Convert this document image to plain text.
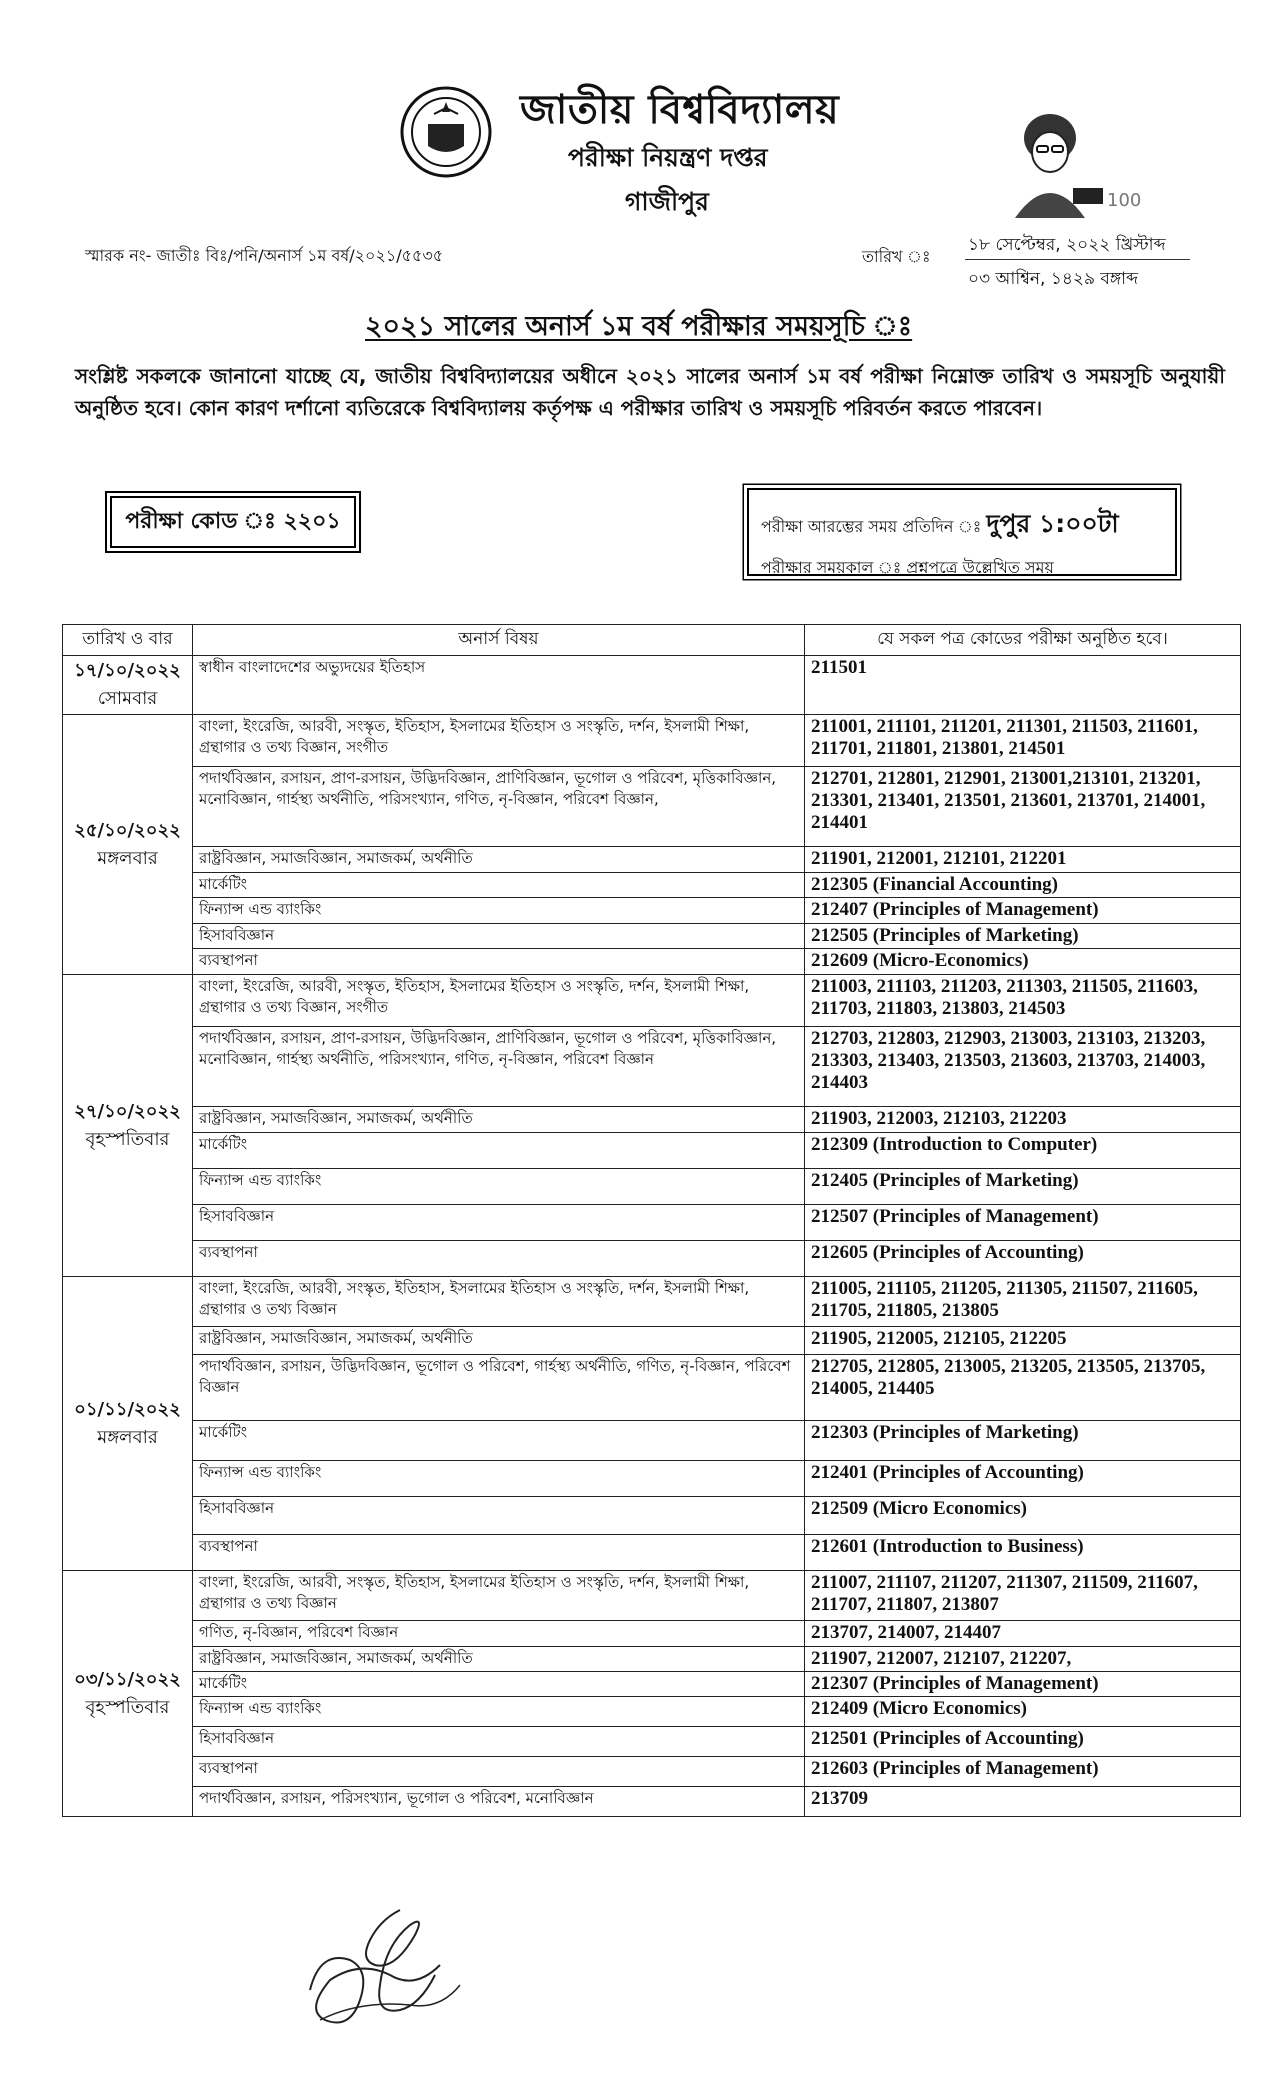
জাতীয় বিশ্ববিদ্যালয়
পরীক্ষা নিয়ন্ত্রণ দপ্তর
গাজীপুর	100
স্মারক নং- জাতীঃ বিঃ/পনি/অনার্স ১ম বর্ষ/২০২১/৫৫৩৫	তারিখ ঃ
১৮ সেপ্টেম্বর, ২০২২ খ্রিস্টাব্দ
০৩ আশ্বিন, ১৪২৯ বঙ্গাব্দ
২০২১ সালের অনার্স ১ম বর্ষ পরীক্ষার সময়সূচি ঃ
সংশ্লিষ্ট সকলকে জানানো যাচ্ছে যে, জাতীয় বিশ্ববিদ্যালয়ের অধীনে ২০২১ সালের অনার্স ১ম বর্ষ পরীক্ষা নিম্নোক্ত তারিখ ও সময়সূচি অনুযায়ী অনুষ্ঠিত হবে। কোন কারণ দর্শানো ব্যতিরেকে বিশ্ববিদ্যালয় কর্তৃপক্ষ এ পরীক্ষার তারিখ ও সময়সূচি পরিবর্তন করতে পারবেন।
পরীক্ষা কোড ঃ ২২০১	পরীক্ষা আরম্ভের সময় প্রতিদিন ঃ দুপুর ১:০০টা
পরীক্ষার সময়কাল ঃ প্রশ্নপত্রে উল্লেখিত সময়
তারিখ ও বার	অনার্স বিষয়	যে সকল পত্র কোডের পরীক্ষা অনুষ্ঠিত হবে।

১৭/১০/২০২২
সোমবার	স্বাধীন বাংলাদেশের অভ্যুদয়ের ইতিহাস	211501

২৫/১০/২০২২
মঙ্গলবার	বাংলা, ইংরেজি, আরবী, সংস্কৃত, ইতিহাস, ইসলামের ইতিহাস ও সংস্কৃতি, দর্শন, ইসলামী শিক্ষা, গ্রন্থাগার ও তথ্য বিজ্ঞান, সংগীত	211001, 211101, 211201, 211301, 211503, 211601, 211701, 211801, 213801, 214501
	পদার্থবিজ্ঞান, রসায়ন, প্রাণ-রসায়ন, উদ্ভিদবিজ্ঞান, প্রাণিবিজ্ঞান, ভূগোল ও পরিবেশ, মৃত্তিকাবিজ্ঞান, মনোবিজ্ঞান, গার্হস্থ্য অর্থনীতি, পরিসংখ্যান, গণিত, নৃ-বিজ্ঞান, পরিবেশ বিজ্ঞান,	212701, 212801, 212901, 213001,213101, 213201, 213301, 213401, 213501, 213601, 213701, 214001, 214401
	রাষ্ট্রবিজ্ঞান, সমাজবিজ্ঞান, সমাজকর্ম, অর্থনীতি	211901, 212001, 212101, 212201
	মার্কেটিং	212305 (Financial Accounting)
	ফিন্যান্স এন্ড ব্যাংকিং	212407 (Principles of Management)
	হিসাববিজ্ঞান	212505 (Principles of Marketing)
	ব্যবস্থাপনা	212609 (Micro-Economics)

২৭/১০/২০২২
বৃহস্পতিবার	বাংলা, ইংরেজি, আরবী, সংস্কৃত, ইতিহাস, ইসলামের ইতিহাস ও সংস্কৃতি, দর্শন, ইসলামী শিক্ষা, গ্রন্থাগার ও তথ্য বিজ্ঞান, সংগীত	211003, 211103, 211203, 211303, 211505, 211603, 211703, 211803, 213803, 214503
	পদার্থবিজ্ঞান, রসায়ন, প্রাণ-রসায়ন, উদ্ভিদবিজ্ঞান, প্রাণিবিজ্ঞান, ভূগোল ও পরিবেশ, মৃত্তিকাবিজ্ঞান, মনোবিজ্ঞান, গার্হস্থ্য অর্থনীতি, পরিসংখ্যান, গণিত, নৃ-বিজ্ঞান, পরিবেশ বিজ্ঞান	212703, 212803, 212903, 213003, 213103, 213203, 213303, 213403, 213503, 213603, 213703, 214003, 214403
	রাষ্ট্রবিজ্ঞান, সমাজবিজ্ঞান, সমাজকর্ম, অর্থনীতি	211903, 212003, 212103, 212203
	মার্কেটিং	212309 (Introduction to Computer)
	ফিন্যান্স এন্ড ব্যাংকিং	212405 (Principles of Marketing)
	হিসাববিজ্ঞান	212507 (Principles of Management)
	ব্যবস্থাপনা	212605 (Principles of Accounting)

০১/১১/২০২২
মঙ্গলবার	বাংলা, ইংরেজি, আরবী, সংস্কৃত, ইতিহাস, ইসলামের ইতিহাস ও সংস্কৃতি, দর্শন, ইসলামী শিক্ষা, গ্রন্থাগার ও তথ্য বিজ্ঞান	211005, 211105, 211205, 211305, 211507, 211605, 211705, 211805, 213805
	রাষ্ট্রবিজ্ঞান, সমাজবিজ্ঞান, সমাজকর্ম, অর্থনীতি	211905, 212005, 212105, 212205
	পদার্থবিজ্ঞান, রসায়ন, উদ্ভিদবিজ্ঞান, ভূগোল ও পরিবেশ, গার্হস্থ্য অর্থনীতি, গণিত, নৃ-বিজ্ঞান, পরিবেশ বিজ্ঞান	212705, 212805, 213005, 213205, 213505, 213705, 214005, 214405
	মার্কেটিং	212303 (Principles of Marketing)
	ফিন্যান্স এন্ড ব্যাংকিং	212401 (Principles of Accounting)
	হিসাববিজ্ঞান	212509 (Micro Economics)
	ব্যবস্থাপনা	212601 (Introduction to Business)

০৩/১১/২০২২
বৃহস্পতিবার	বাংলা, ইংরেজি, আরবী, সংস্কৃত, ইতিহাস, ইসলামের ইতিহাস ও সংস্কৃতি, দর্শন, ইসলামী শিক্ষা, গ্রন্থাগার ও তথ্য বিজ্ঞান	211007, 211107, 211207, 211307, 211509, 211607, 211707, 211807, 213807
	গণিত, নৃ-বিজ্ঞান, পরিবেশ বিজ্ঞান	213707, 214007, 214407
	রাষ্ট্রবিজ্ঞান, সমাজবিজ্ঞান, সমাজকর্ম, অর্থনীতি	211907, 212007, 212107, 212207,
	মার্কেটিং	212307 (Principles of Management)
	ফিন্যান্স এন্ড ব্যাংকিং	212409 (Micro Economics)
	হিসাববিজ্ঞান	212501 (Principles of Accounting)
	ব্যবস্থাপনা	212603 (Principles of Management)
	পদার্থবিজ্ঞান, রসায়ন, পরিসংখ্যান, ভূগোল ও পরিবেশ, মনোবিজ্ঞান	213709
